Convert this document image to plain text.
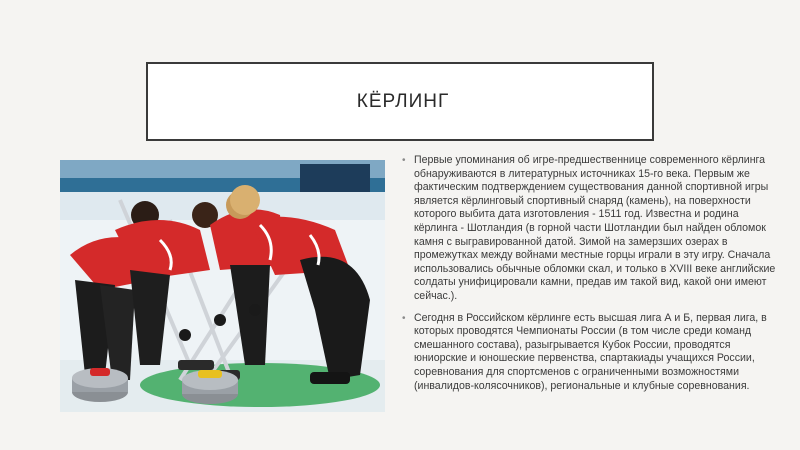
КЁРЛИНГ

• Первые упоминания об игре-предшественнице современного кёрлинга обнаруживаются в литературных источниках 15-го века. Первым же фактическим подтверждением существования данной спортивной игры является кёрлинговый спортивный снаряд (камень), на поверхности которого выбита дата изготовления - 1511 год. Известна и родина кёрлинга - Шотландия (в горной части Шотландии был найден обломок камня с выгравированной датой. Зимой на замерзших озерах в промежутках между войнами местные горцы играли в эту игру. Сначала использовались обычные обломки скал, и только в XVIII веке английские солдаты унифицировали камни, предав им такой вид, какой они имеют сейчас.).

• Сегодня в Российском кёрлинге есть высшая лига А и Б, первая лига, в которых проводятся Чемпионаты России (в том числе среди команд смешанного состава), разыгрывается Кубок России, проводятся юниорские и юношеские первенства, спартакиады учащихся России, соревнования для спортсменов с ограниченными возможностями (инвалидов-колясочников), региональные и клубные соревнования.
